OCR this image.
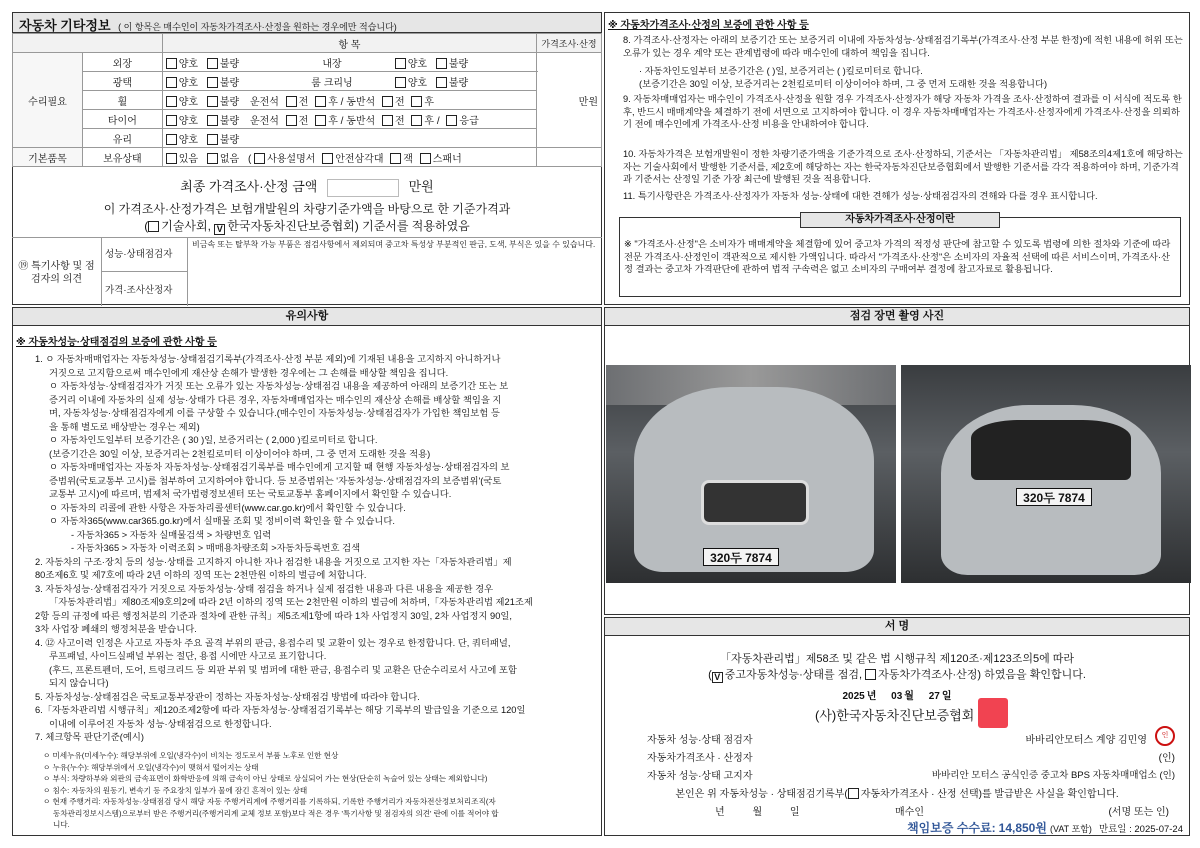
자동차 기타정보 ( 이 항목은 매수인이 자동차가격조사·산정을 원하는 경우에만 적습니다)
		항 목	가격조사·산정
수리필요	외장	양호 불량 내장 양호 불량	만원
	광택	양호 불량 룸 크리닝 양호 불량	
	휠	양호 불량 운전석 전 후 / 동반석 전 후	
	타이어	양호 불량 운전석 전 후 / 동반석 전 후 / 응급	
	유리	양호 불량	
기본품목	보유상태	있음 없음 ( 사용설명서 안전삼각대 잭 스패너	
최종 가격조사·산정 금액	만원
이 가격조사·산정가격은 보험개발원의 차량기준가액을 바탕으로 한 기준가격과
( 기술사회, V 한국자동차진단보증협회) 기준서를 적용하였음
⑲ 특기사항 및 점검자의 의견
성능·상태점검자
비금속 또는 탈부착 가능 부품은 점검사항에서 제외되며 중고차 특성상 부분적인 판금, 도색, 부식은 있을 수 있습니다.
가격·조사산정자
※ 자동차가격조사·산정의 보증에 관한 사항 등
8. 가격조사·산정자는 아래의 보증기간 또는 보증거리 이내에 자동차성능·상태점검기록부(가격조사·산정 부분 한정)에 적힌 내용에 허위 또는 오류가 있는 경우 계약 또는 관계법령에 따라 매수인에 대하여 책임을 집니다.
· 자동차인도일부터 보증기간은 ( )일, 보증거리는 ( )킬로미터로 합니다.
(보증기간은 30일 이상, 보증거리는 2천킬로미터 이상이어야 하며, 그 중 먼저 도래한 것을 적용합니다)
9. 자동차매매업자는 매수인이 가격조사·산정을 원할 경우 가격조사·산정자가 해당 자동차 가격을 조사·산정하여 결과를 이 서식에 적도록 한 후, 반드시 매매계약을 체결하기 전에 서면으로 고지하여야 합니다. 이 경우 자동차매매업자는 가격조사·산정자에게 가격조사·산정을 의뢰하기 전에 매수인에게 가격조사·산정 비용을 안내하여야 합니다.
10. 자동차가격은 보험개발원이 정한 차량기준가액을 기준가격으로 조사·산정하되, 기준서는 「자동차관리법」 제58조의4제1호에 해당하는 자는 기술사회에서 발행한 기준서를, 제2호에 해당하는 자는 한국자동차진단보증협회에서 발행한 기준서를 각각 적용하여야 하며, 기준가격과 기준서는 산정일 기준 가장 최근에 발행된 것을 적용합니다.
11. 특기사항란은 가격조사·산정자가 자동차 성능·상태에 대한 견해가 성능·상태점검자의 견해와 다를 경우 표시합니다.
자동차가격조사·산정이란
※ "가격조사·산정"은 소비자가 매매계약을 체결함에 있어 중고차 가격의 적정성 판단에 참고할 수 있도록 법령에 의한 절차와 기준에 따라 전문 가격조사·산정인이 객관적으로 제시한 가액입니다. 따라서 "가격조사·산정"은 소비자의 자율적 선택에 따른 서비스이며, 가격조사·산정 결과는 중고차 가격판단에 관하여 법적 구속력은 없고 소비자의 구매여부 결정에 참고자료로 활용됩니다.
유의사항
※ 자동차성능·상태점검의 보증에 관한 사항 등
1. ㅇ 자동차매매업자는 자동차성능·상태점검기록부(가격조사·산정 부분 제외)에 기재된 내용을 고지하지 아니하거나
거짓으로 고지함으로써 매수인에게 재산상 손해가 발생한 경우에는 그 손해를 배상할 책임을 집니다.
ㅇ 자동차성능·상태점검자가 거짓 또는 오류가 있는 자동차성능·상태점검 내용을 제공하여 아래의 보증기간 또는 보
증거리 이내에 자동차의 실제 성능·상태가 다른 경우, 자동차매매업자는 매수인의 재산상 손해를 배상할 책임을 지
며, 자동차성능·상태점검자에게 이를 구상할 수 있습니다.(매수인이 자동차성능·상태점검자가 가입한 책임보험 등
을 통해 별도로 배상받는 경우는 제외)
ㅇ 자동차인도일부터 보증기간은 ( 30 )일, 보증거리는 ( 2,000 )킬로미터로 합니다.
(보증기간은 30일 이상, 보증거리는 2천킬로미터 이상이어야 하며, 그 중 먼저 도래한 것을 적용)
ㅇ 자동차매매업자는 자동차 자동차성능·상태점검기록부를 매수인에게 고지할 때 현행 자동차성능·상태점검자의 보
증범위(국토교통부 고시)를 첨부하여 고지하여야 합니다. 등 보증범위는 '자동차성능·상태점검자의 보증범위'(국토
교통부 고시)에 따르며, 법제처 국가법령정보센터 또는 국토교통부 홈페이지에서 확인할 수 있습니다.
ㅇ 자동차의 리콜에 관한 사항은 자동차리콜센터(www.car.go.kr)에서 확인할 수 있습니다.
ㅇ 자동차365(www.car365.go.kr)에서 실매물 조회 및 정비이력 확인을 할 수 있습니다.
- 자동차365 > 자동차 실매물검색 > 차량번호 입력
- 자동차365 > 자동차 이력조회 > 매매용차량조회 >자동차등록번호 검색
2. 자동차의 구조·장치 등의 성능·상태를 고지하지 아니한 자나 점검한 내용을 거짓으로 고지한 자는「자동차관리법」제
80조제6호 및 제7호에 따라 2년 이하의 징역 또는 2천만원 이하의 벌금에 처합니다.
3. 자동차성능·상태점검자가 거짓으로 자동차성능·상태 점검을 하거나 실제 점검한 내용과 다른 내용을 제공한 경우
「자동차관리법」제80조제9호의2에 따라 2년 이하의 징역 또는 2천만원 이하의 벌금에 처하며,「자동차관리법 제21조제
2항 등의 규정에 따른 행정처분의 기준과 절차에 관한 규칙」제5조제1항에 따라 1차 사업정지 30일, 2차 사업정지 90일,
3차 사업장 폐쇄의 행정처분을 받습니다.
4. ⑫ 사고이력 인정은 사고로 자동차 주요 골격 부위의 판금, 용접수리 및 교환이 있는 경우로 한정합니다. 단, 쿼터패널,
루프패널, 사이드실패널 부위는 절단, 용접 시에만 사고로 표기합니다.
(후드, 프론트펜더, 도어, 트렁크리드 등 외판 부위 및 범퍼에 대한 판금, 용접수리 및 교환은 단순수리로서 사고에 포함
되지 않습니다)
5. 자동차성능·상태점검은 국토교통부장관이 정하는 자동차성능·상태점검 방법에 따라야 합니다.
6.「자동차관리법 시행규칙」제120조제2항에 따라 자동차성능·상태점검기록부는 해당 기록부의 발급일을 기준으로 120일
이내에 이루어진 자동차 성능·상태점검으로 한정합니다.
7. 체크항목 판단기준(예시)
ㅇ 미세누유(미세누수): 해당부위에 오일(냉각수)이 비치는 정도로서 부품 노후로 인한 현상
ㅇ 누유(누수): 해당부위에서 오일(냉각수)이 맺혀서 떨어지는 상태
ㅇ 부식: 차량하부와 외판의 금속표면이 화학반응에 의해 금속이 아닌 상태로 상실되어 가는 현상(단순히 녹슬어 있는 상태는 제외합니다)
ㅇ 침수: 자동차의 원동기, 변속기 등 주요장치 일부가 물에 잠긴 흔적이 있는 상태
ㅇ 현재 주행거리: 자동차성능·상태점검 당시 해당 자동 주행거리계에 주행거리를 기록하되, 기록한 주행거리가 자동차전산정보처리조직(자
동차관리정보시스템)으로부터 받은 주행거리(주행거리계 교체 정보 포함)보다 적은 경우 '특기사항 및 점검자의 의견' 란에 이를 적어야 합
니다.
점검 장면 촬영 사진
320두 7874
320두 7874
서 명
「자동차관리법」제58조 및 같은 법 시행규칙 제120조·제123조의5에 따라
( V 중고자동차성능·상태를 점검, 자동차가격조사·산정) 하였음을 확인합니다.
2025 년 03 월 27 일
(사)한국자동차진단보증협회
자동차 성능·상태 점검자	바바리안모터스 계양 김민영	인
자동차가격조사 · 산정자	(인)
자동차 성능·상태 고지자	바바리안 모터스 공식인증 중고차 BPS 자동차매매업소 (인)
본인은 위 자동차성능 · 상태점검기록부( 자동차가격조사 · 산정 선택)를 발급받은 사실을 확인합니다.
년          월          일	매수인	(서명 또는 인)
책임보증 수수료: 14,850원 (VAT 포함) 만료일 : 2025-07-24
